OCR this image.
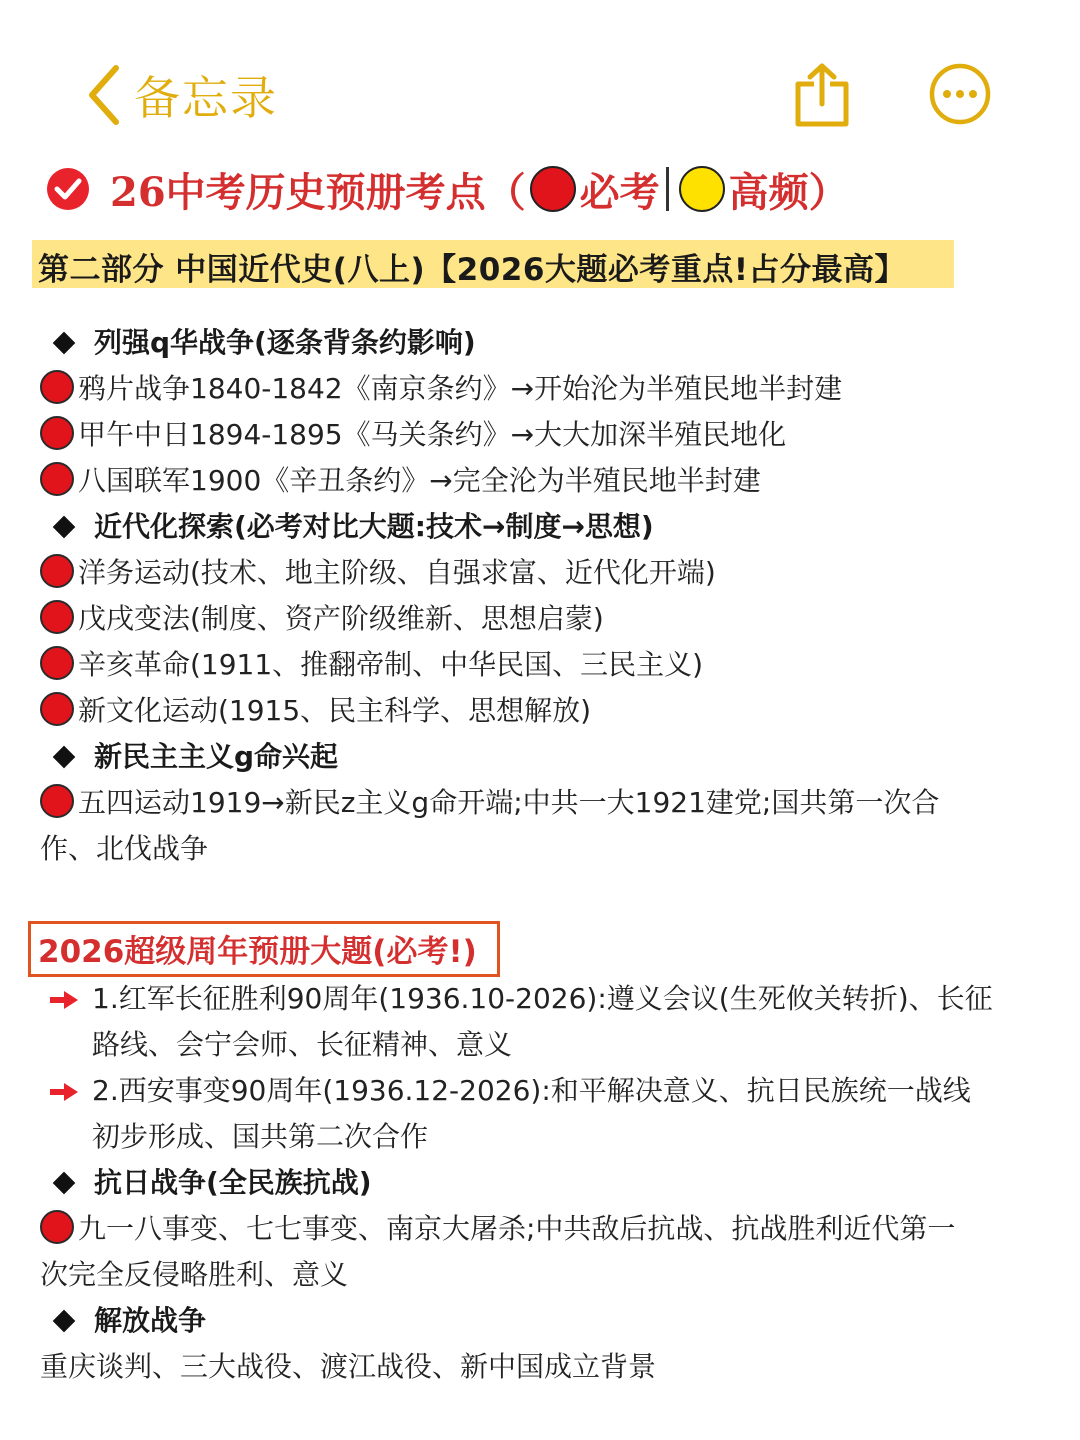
备忘录
26中考历史预册考点（ 必考 高频）
第二部分 中国近代史(八上)【2026大题必考重点!占分最高】
列强q华战争(逐条背条约影响)
鸦片战争1840-1842《南京条约》→开始沦为半殖民地半封建
甲午中日1894-1895《马关条约》→大大加深半殖民地化
八国联军1900《辛丑条约》→完全沦为半殖民地半封建
近代化探索(必考对比大题:技术→制度→思想)
洋务运动(技术、地主阶级、自强求富、近代化开端)
戊戌变法(制度、资产阶级维新、思想启蒙)
辛亥革命(1911、推翻帝制、中华民国、三民主义)
新文化运动(1915、民主科学、思想解放)
新民主主义g命兴起
五四运动1919→新民z主义g命开端;中共一大1921建党;国共第一次合
作、北伐战争
2026超级周年预册大题(必考!)
1.红军长征胜利90周年(1936.10-2026):遵义会议(生死攸关转折)、长征
路线、会宁会师、长征精神、意义
2.西安事变90周年(1936.12-2026):和平解决意义、抗日民族统一战线
初步形成、国共第二次合作
抗日战争(全民族抗战)
九一八事变、七七事变、南京大屠杀;中共敌后抗战、抗战胜利近代第一
次完全反侵略胜利、意义
解放战争
重庆谈判、三大战役、渡江战役、新中国成立背景
